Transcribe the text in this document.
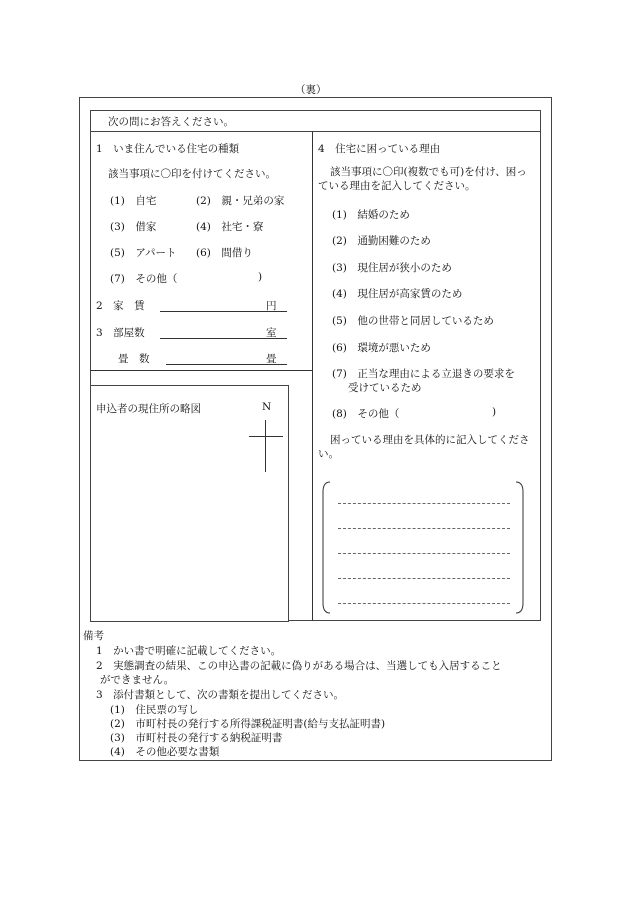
（裏）
次の問にお答えください。
1　いま住んでいる住宅の種類
該当事項に〇印を付けてください。
(1)　自宅	(2)　親・兄弟の家
(3)　借家	(4)　社宅・寮
(5)　アパート (6)　間借り
(7)　その他（	)
2　家　賃	円
3　部屋数	室
畳　数	畳
申込者の現住所の略図	N
4　住宅に困っている理由
該当事項に〇印(複数でも可)を付け、困っている理由を記入してください。
(1)　結婚のため
(2)　通勤困難のため
(3)　現住居が狭小のため
(4)　現住居が高家賃のため
(5)　他の世帯と同居しているため
(6)　環境が悪いため
(7)　正当な理由による立退きの要求を
受けているため
(8)　その他（	)
困っている理由を具体的に記入してください。
備考
1　かい書で明確に記載してください。
2　実態調査の結果、この申込書の記載に偽りがある場合は、当選しても入居すること
ができません。
3　添付書類として、次の書類を提出してください。
(1)　住民票の写し
(2)　市町村長の発行する所得課税証明書(給与支払証明書)
(3)　市町村長の発行する納税証明書
(4)　その他必要な書類
